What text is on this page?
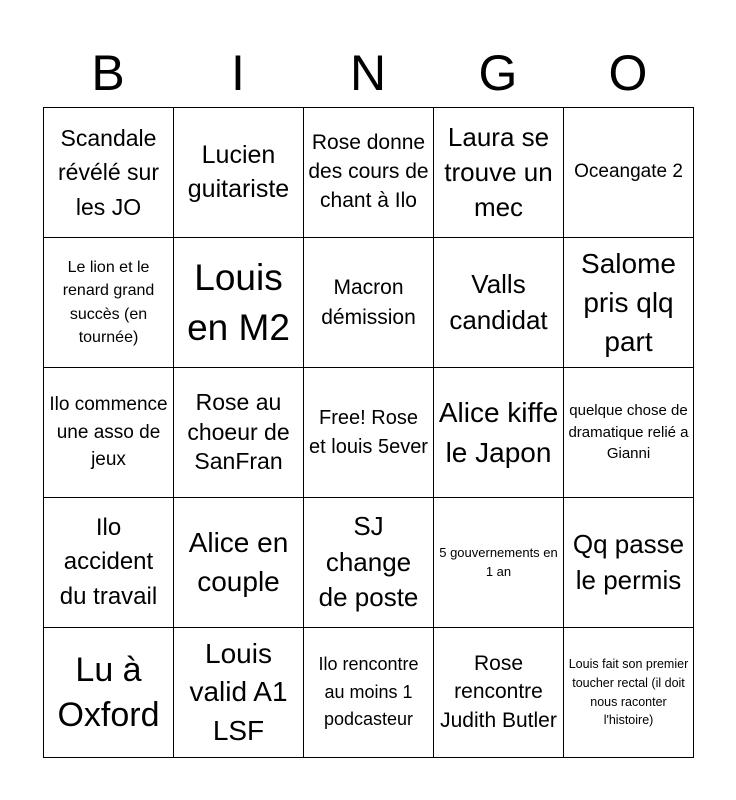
B	I	N	G	O
Scandale révélé sur les JO
Lucien guitariste
Rose donne des cours de chant à Ilo
Laura se trouve un mec
Oceangate 2
Le lion et le renard grand succès (en tournée)
Louis en M2
Macron démission
Valls candidat
Salome pris qlq part
Ilo commence une asso de jeux
Rose au choeur de SanFran
Free! Rose et louis 5ever
Alice kiffe le Japon
quelque chose de dramatique relié a Gianni
Ilo accident du travail
Alice en couple
SJ change de poste
5 gouvernements en 1 an
Qq passe le permis
Lu à Oxford
Louis valid A1 LSF
Ilo rencontre au moins 1 podcasteur
Rose rencontre Judith Butler
Louis fait son premier toucher rectal (il doit nous raconter l'histoire)
